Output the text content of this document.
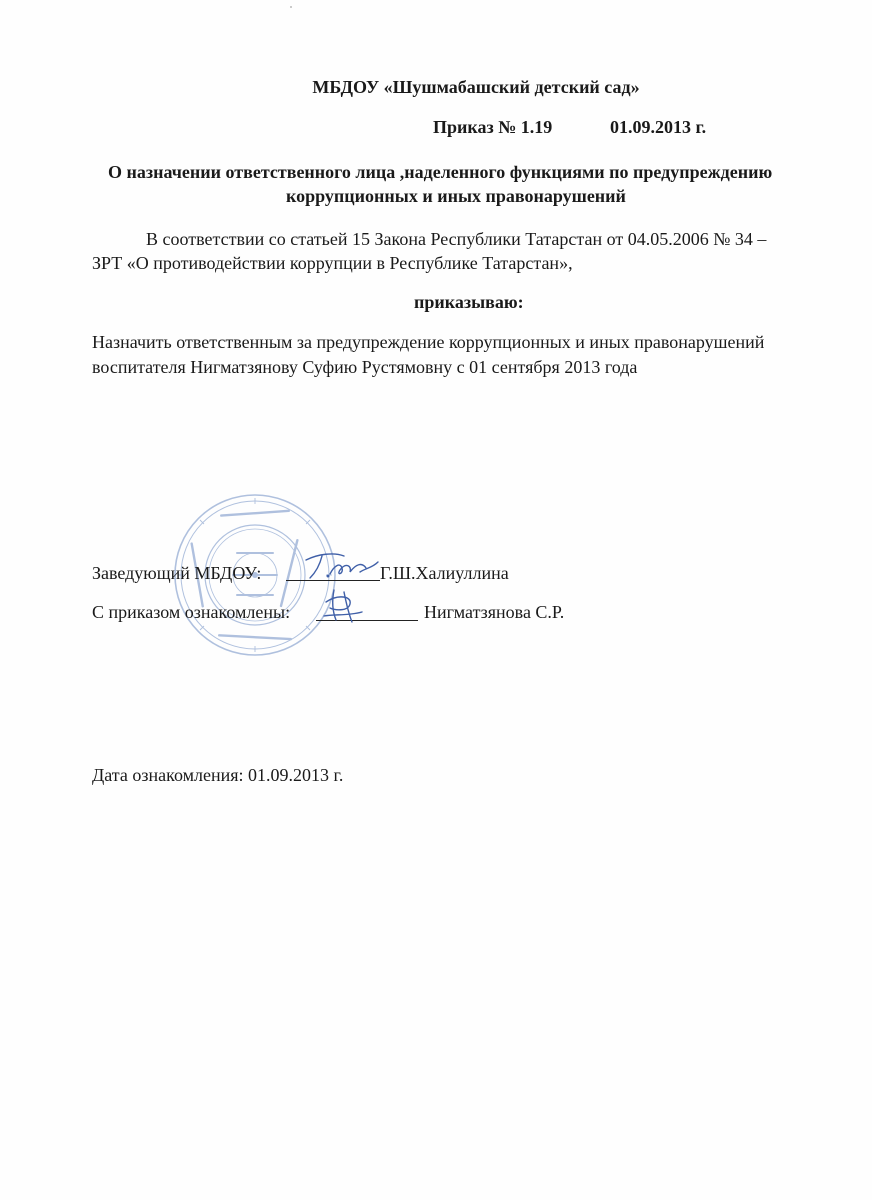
МБДОУ «Шушмабашский детский сад»
Приказ № 1.19	01.09.2013 г.
О назначении ответственного лица ,наделенного функциями по предупреждению
коррупционных и иных правонарушений
В соответствии со статьей 15 Закона Республики Татарстан от 04.05.2006 № 34 –
ЗРТ «О противодействии коррупции в Республике Татарстан»,
приказываю:
Назначить ответственным за предупреждение коррупционных и иных правонарушений
воспитателя Нигматзянову Суфию Рустямовну с 01 сентября 2013 года
Заведующий МБДОУ:	Г.Ш.Халиуллина
С приказом ознакомлены:	Нигматзянова С.Р.
Дата ознакомления: 01.09.2013 г.
